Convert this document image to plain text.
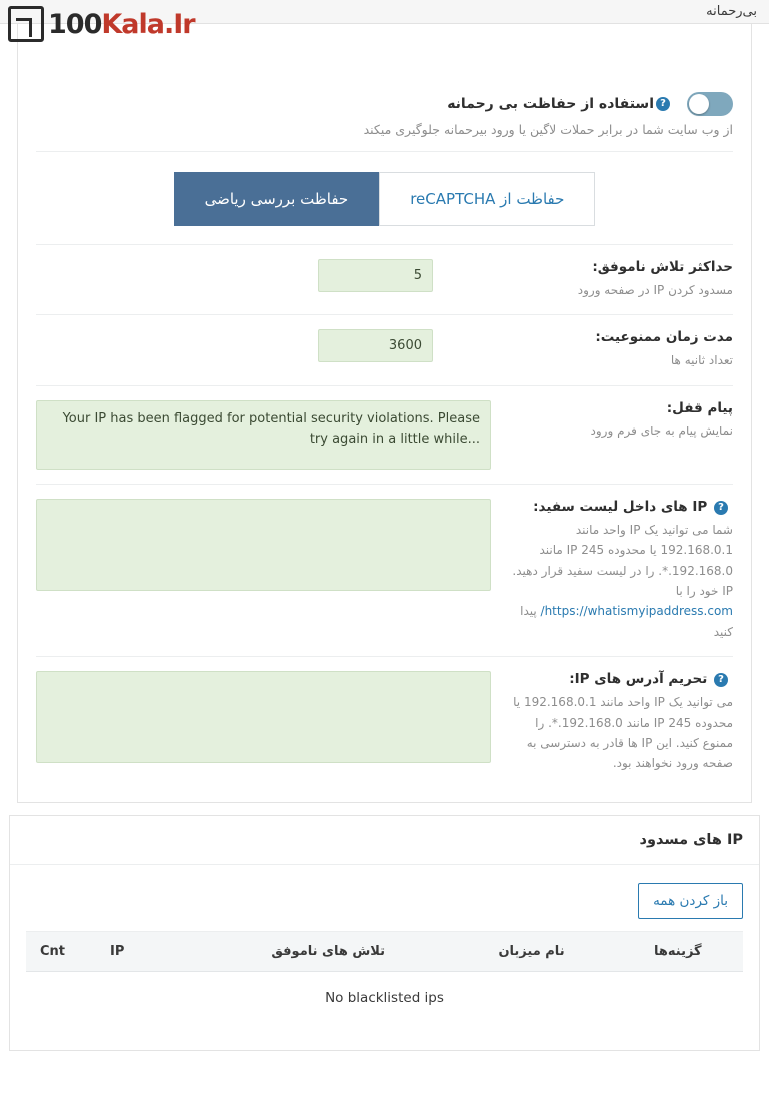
بی‌رحمانه
100Kala.Ir
?
استفاده از حفاظت بی رحمانه
از وب سایت شما در برابر حملات لاگین یا ورود بیرحمانه جلوگیری میکند
حفاظت از reCAPTCHA
حفاظت بررسی ریاضی
حداکثر تلاش ناموفق:
مسدود کردن IP در صفحه ورود
5
مدت زمان ممنوعیت:
تعداد ثانیه ها
3600
پیام قفل:
نمایش پیام به جای فرم ورود
Your IP has been flagged for potential security violations. Please try again in a little while...
? IP های داخل لیست سفید:
شما می توانید یک IP واحد مانند 192.168.0.1 یا محدوده 245 IP مانند 192.168.0.*. را در لیست سفید قرار دهید. IP خود را با https://whatismyipaddress.com/ پیدا کنید
? تحریم آدرس های IP:
می توانید یک IP واحد مانند 192.168.0.1 یا محدوده 245 IP مانند 192.168.0.*. را ممنوع کنید. این IP ها قادر به دسترسی به صفحه ورود نخواهند بود.
IP های مسدود
باز کردن همه
گزینه‌ها	نام میزبان	تلاش های ناموفق	IP	Cnt
No blacklisted ips
